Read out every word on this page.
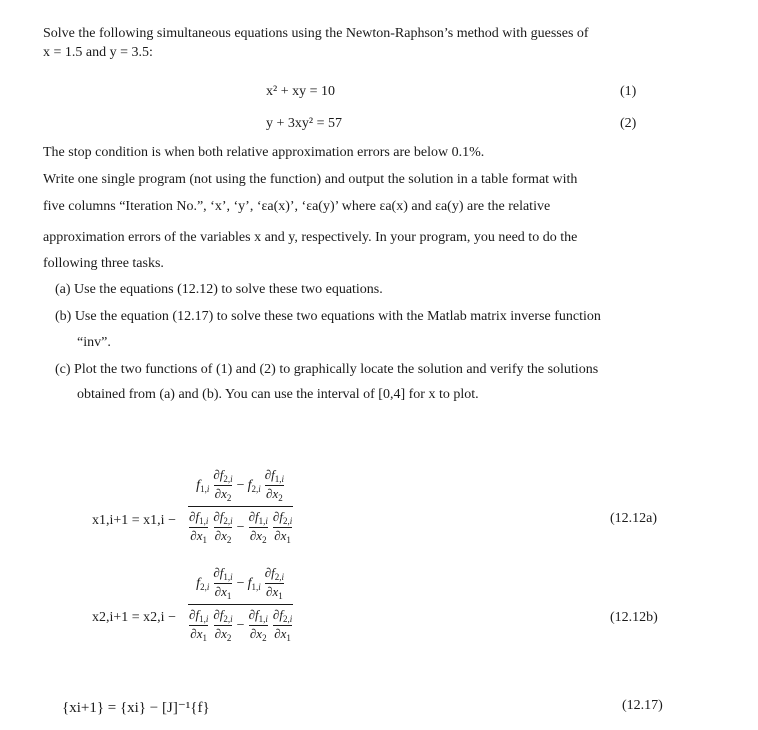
Solve the following simultaneous equations using the Newton-Raphson’s method with guesses of
x = 1.5 and y = 3.5:
x² + xy = 10	(1)
y + 3xy² = 57	(2)
The stop condition is when both relative approximation errors are below 0.1%.
Write one single program (not using the function) and output the solution in a table format with
five columns “Iteration No.”, ‘x’, ‘y’, ‘εa(x)’, ‘εa(y)’ where εa(x) and εa(y) are the relative
approximation errors of the variables x and y, respectively. In your program, you need to do the
following three tasks.
(a) Use the equations (12.12) to solve these two equations.
(b) Use the equation (12.17) to solve these two equations with the Matlab matrix inverse function
“inv”.
(c) Plot the two functions of (1) and (2) to graphically locate the solution and verify the solutions
obtained from (a) and (b). You can use the interval of [0,4] for x to plot.
$x1,i+1 = x1,i - \frac{f_{1,i} \frac{\partial f_{2,i}}{\partial x_2} - f_{2,i} \frac{\partial f_{1,i}}{\partial x_2}}{\frac{\partial f_{1,i}}{\partial x_1} \frac{\partial f_{2,i}}{\partial x_2} - \frac{\partial f_{1,i}}{\partial x_2} \frac{\partial f_{2,i}}{\partial x_1}}$	(12.12a)
$x2,i+1 = x2,i - \frac{f_{2,i} \frac{\partial f_{1,i}}{\partial x_1} - f_{1,i} \frac{\partial f_{2,i}}{\partial x_1}}{\frac{\partial f_{1,i}}{\partial x_1} \frac{\partial f_{2,i}}{\partial x_2} - \frac{\partial f_{1,i}}{\partial x_2} \frac{\partial f_{2,i}}{\partial x_1}}$	(12.12b)
{xi+1} = {xi} − [J]⁻¹{f}	(12.17)
